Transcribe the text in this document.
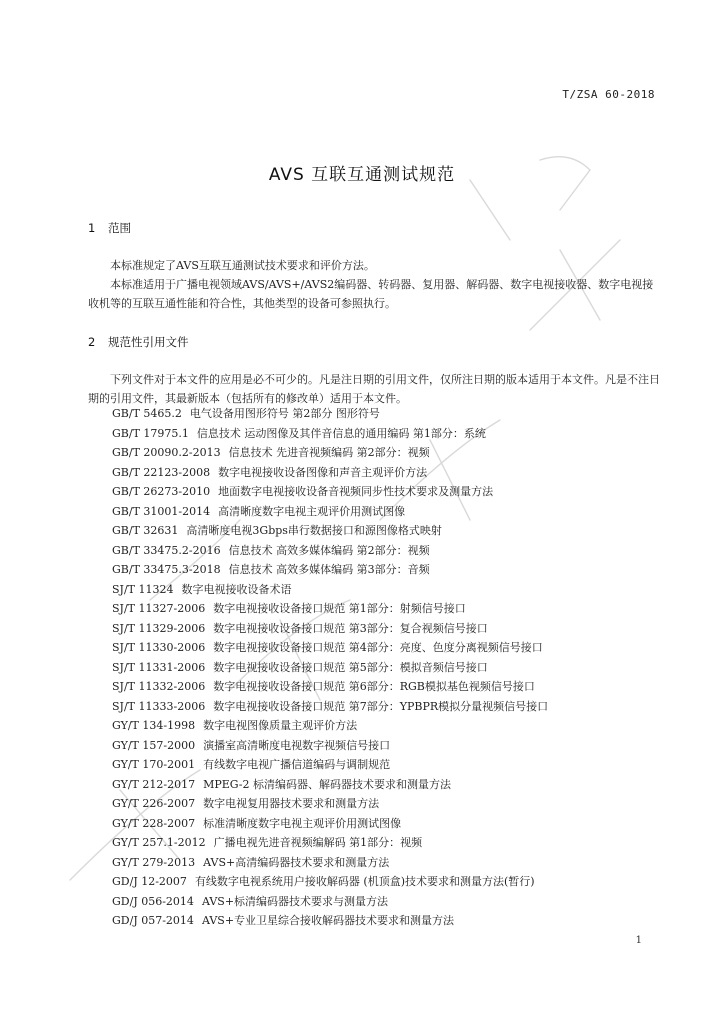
T/ZSA 60-2018
AVS 互联互通测试规范
1 范围
本标准规定了AVS互联互通测试技术要求和评价方法。
本标准适用于广播电视领域AVS/AVS+/AVS2编码器、转码器、复用器、解码器、数字电视接收器、数字电视接收机等的互联互通性能和符合性，其他类型的设备可参照执行。
2 规范性引用文件
下列文件对于本文件的应用是必不可少的。凡是注日期的引用文件，仅所注日期的版本适用于本文件。凡是不注日期的引用文件，其最新版本（包括所有的修改单）适用于本文件。
GB/T 5465.2 电气设备用图形符号 第2部分 图形符号
GB/T 17975.1 信息技术 运动图像及其伴音信息的通用编码 第1部分：系统
GB/T 20090.2-2013 信息技术 先进音视频编码 第2部分：视频
GB/T 22123-2008 数字电视接收设备图像和声音主观评价方法
GB/T 26273-2010 地面数字电视接收设备音视频同步性技术要求及测量方法
GB/T 31001-2014 高清晰度数字电视主观评价用测试图像
GB/T 32631 高清晰度电视3Gbps串行数据接口和源图像格式映射
GB/T 33475.2-2016 信息技术 高效多媒体编码 第2部分：视频
GB/T 33475.3-2018 信息技术 高效多媒体编码 第3部分：音频
SJ/T 11324 数字电视接收设备术语
SJ/T 11327-2006 数字电视接收设备接口规范 第1部分：射频信号接口
SJ/T 11329-2006 数字电视接收设备接口规范 第3部分：复合视频信号接口
SJ/T 11330-2006 数字电视接收设备接口规范 第4部分：亮度、色度分离视频信号接口
SJ/T 11331-2006 数字电视接收设备接口规范 第5部分：模拟音频信号接口
SJ/T 11332-2006 数字电视接收设备接口规范 第6部分：RGB模拟基色视频信号接口
SJ/T 11333-2006 数字电视接收设备接口规范 第7部分：YPBPR模拟分量视频信号接口
GY/T 134-1998 数字电视图像质量主观评价方法
GY/T 157-2000 演播室高清晰度电视数字视频信号接口
GY/T 170-2001 有线数字电视广播信道编码与调制规范
GY/T 212-2017 MPEG-2 标清编码器、解码器技术要求和测量方法
GY/T 226-2007 数字电视复用器技术要求和测量方法
GY/T 228-2007 标准清晰度数字电视主观评价用测试图像
GY/T 257.1-2012 广播电视先进音视频编解码 第1部分：视频
GY/T 279-2013 AVS+高清编码器技术要求和测量方法
GD/J 12-2007 有线数字电视系统用户接收解码器 (机顶盒)技术要求和测量方法(暂行)
GD/J 056-2014 AVS+标清编码器技术要求与测量方法
GD/J 057-2014 AVS+专业卫星综合接收解码器技术要求和测量方法
1
